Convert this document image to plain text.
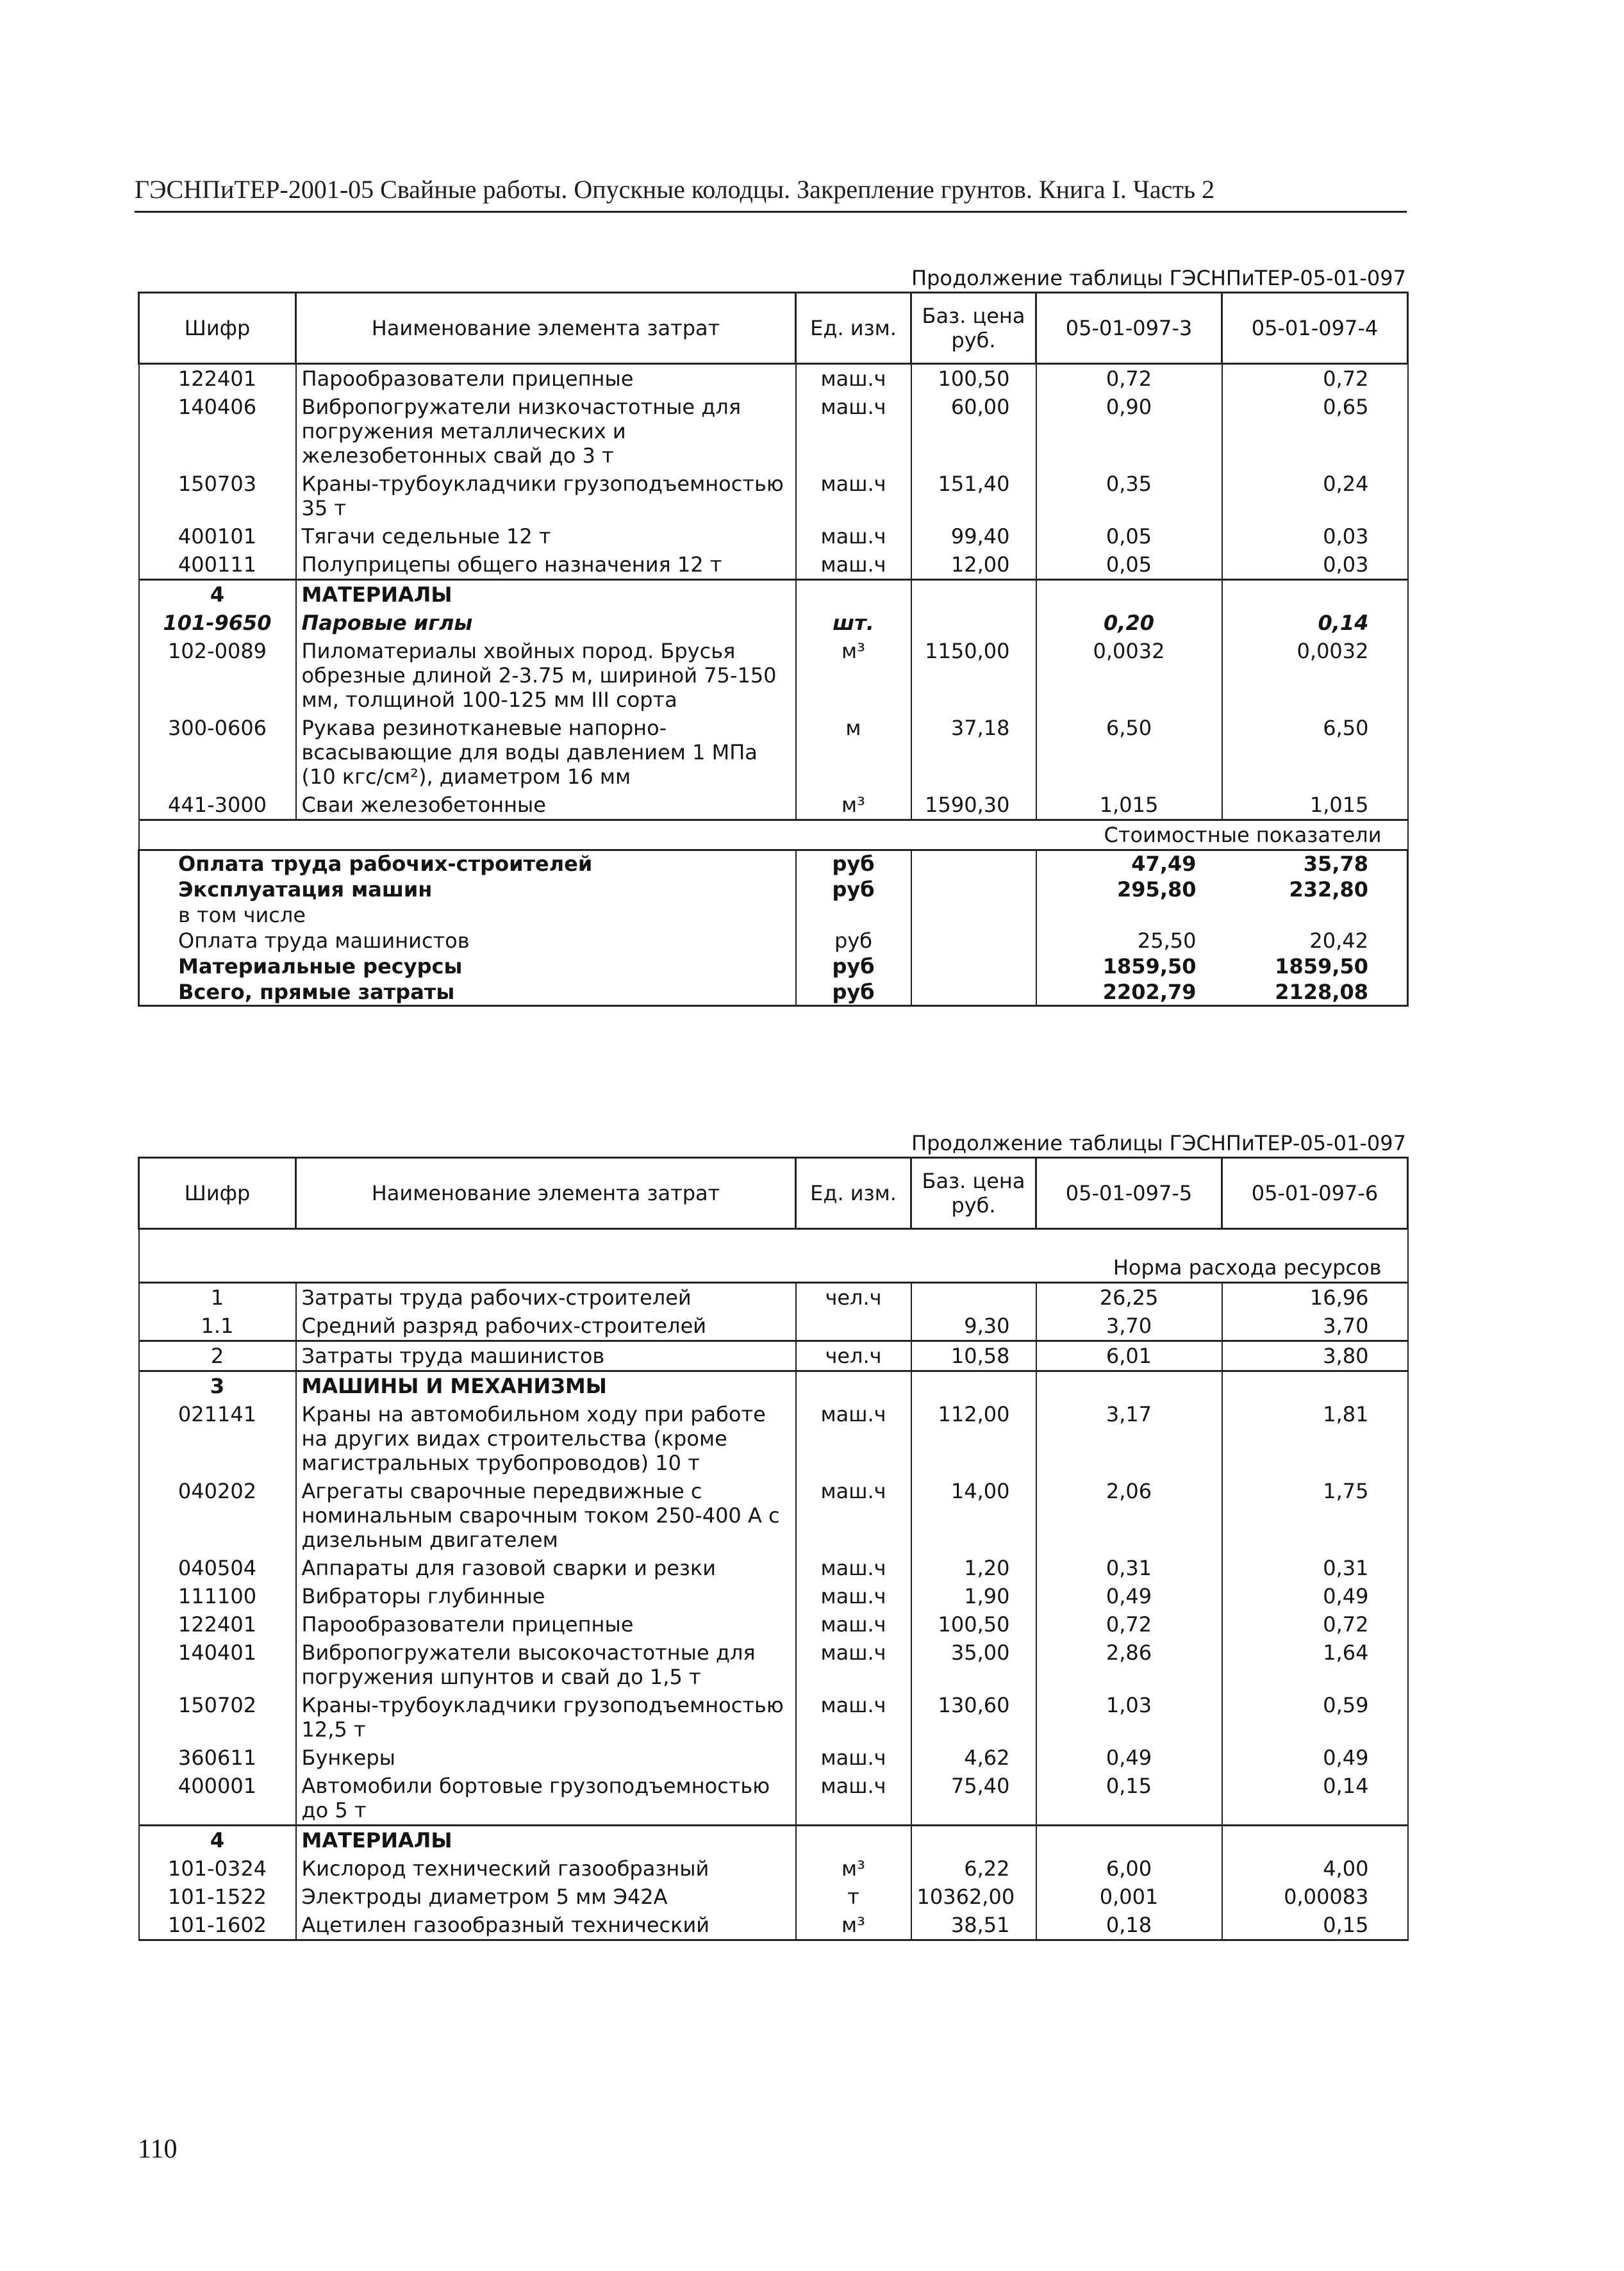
ГЭСНПиТЕР-2001-05 Свайные работы. Опускные колодцы. Закрепление грунтов. Книга I. Часть 2
Продолжение таблицы ГЭСНПиТЕР-05-01-097
Шифр	Наименование элемента затрат	Ед. изм.	Баз. цена руб.	05-01-097-3	05-01-097-4
122401	Парообразователи прицепные	маш.ч	100,50	0,72	0,72
140406	Вибропогружатели низкочастотные для погружения металлических и железобетонных свай до 3 т	маш.ч	60,00	0,90	0,65
150703	Краны-трубоукладчики грузоподъемностью 35 т	маш.ч	151,40	0,35	0,24
400101	Тягачи седельные 12 т	маш.ч	99,40	0,05	0,03
400111	Полуприцепы общего назначения 12 т	маш.ч	12,00	0,05	0,03
4	МАТЕРИАЛЫ				
101-9650	Паровые иглы	шт.		0,20	0,14
102-0089	Пиломатериалы хвойных пород. Брусья обрезные длиной 2-3.75 м, шириной 75-150 мм, толщиной 100-125 мм III сорта	м³	1150,00	0,0032	0,0032
300-0606	Рукава резинотканевые напорно-всасывающие для воды давлением 1 МПа (10 кгс/см²), диаметром 16 мм	м	37,18	6,50	6,50
441-3000	Сваи железобетонные	м³	1590,30	1,015	1,015
Стоимостные показатели					
Оплата труда рабочих-строителей		руб		47,49	35,78
Эксплуатация машин		руб		295,80	232,80
в том числе					
Оплата труда машинистов		руб		25,50	20,42
Материальные ресурсы		руб		1859,50	1859,50
Всего, прямые затраты		руб		2202,79	2128,08
Шифр	Наименование элемента затрат	Ед. изм.	Баз. цена руб.	05-01-097-5	05-01-097-6
Норма расхода ресурсов					
1	Затраты труда рабочих-строителей	чел.ч		26,25	16,96
1.1	Средний разряд рабочих-строителей		9,30	3,70	3,70
2	Затраты труда машинистов	чел.ч	10,58	6,01	3,80
3	МАШИНЫ И МЕХАНИЗМЫ				
021141	Краны на автомобильном ходу при работе на других видах строительства (кроме магистральных трубопроводов) 10 т	маш.ч	112,00	3,17	1,81
040202	Агрегаты сварочные передвижные с номинальным сварочным током 250-400 А с дизельным двигателем	маш.ч	14,00	2,06	1,75
040504	Аппараты для газовой сварки и резки	маш.ч	1,20	0,31	0,31
111100	Вибраторы глубинные	маш.ч	1,90	0,49	0,49
122401	Парообразователи прицепные	маш.ч	100,50	0,72	0,72
140401	Вибропогружатели высокочастотные для погружения шпунтов и свай до 1,5 т	маш.ч	35,00	2,86	1,64
150702	Краны-трубоукладчики грузоподъемностью 12,5 т	маш.ч	130,60	1,03	0,59
360611	Бункеры	маш.ч	4,62	0,49	0,49
400001	Автомобили бортовые грузоподъемностью до 5 т	маш.ч	75,40	0,15	0,14
4	МАТЕРИАЛЫ				
101-0324	Кислород технический газообразный	м³	6,22	6,00	4,00
101-1522	Электроды диаметром 5 мм Э42А	т	10362,00	0,001	0,00083
101-1602	Ацетилен газообразный технический	м³	38,51	0,18	0,15
Продолжение таблицы ГЭСНПиТЕР-05-01-097
110
